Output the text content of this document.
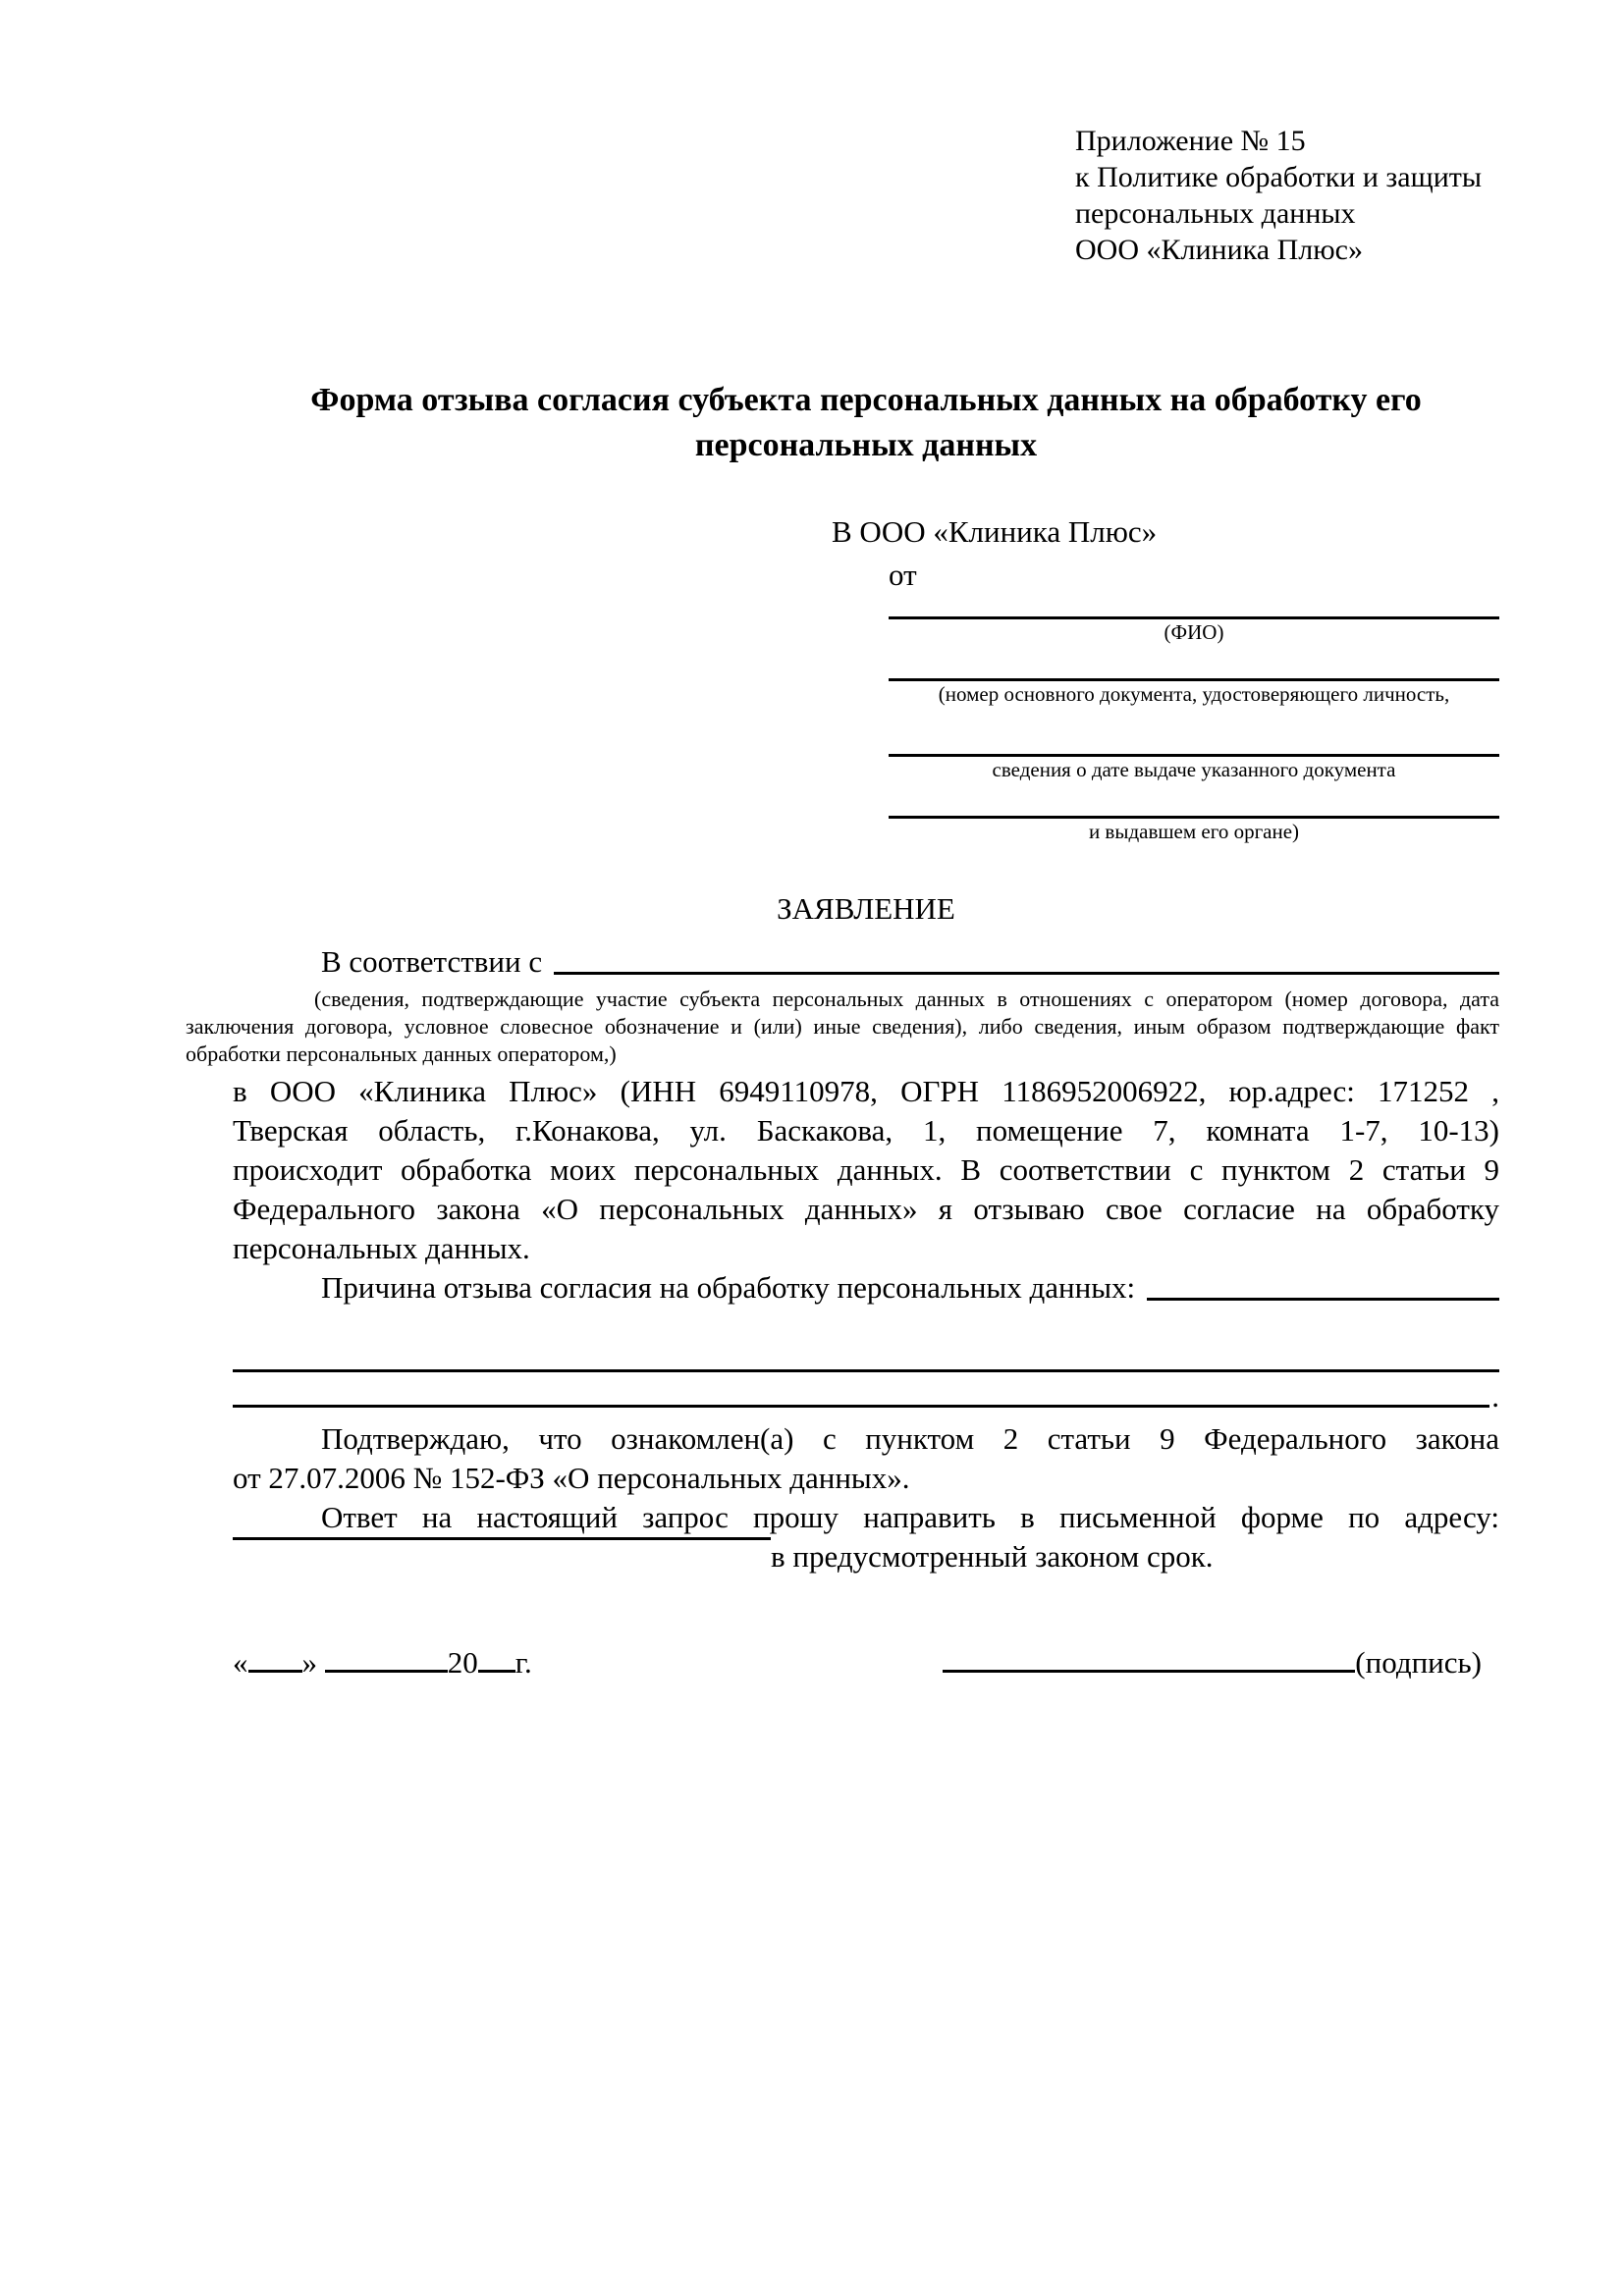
Приложение № 15
к Политике обработки и защиты
персональных данных
ООО «Клиника Плюс»
Форма отзыва согласия субъекта персональных данных на обработку его персональных данных
В ООО «Клиника Плюс»
от
(ФИО)
(номер основного документа, удостоверяющего личность,
сведения о дате выдаче указанного документа
и выдавшем его органе)
ЗАЯВЛЕНИЕ
В соответствии с
(сведения, подтверждающие участие субъекта персональных данных в отношениях с оператором (номер договора, дата заключения договора, условное словесное обозначение и (или) иные сведения), либо сведения, иным образом подтверждающие факт обработки персональных данных оператором,)
в ООО «Клиника Плюс» (ИНН 6949110978, ОГРН 1186952006922, юр.адрес: 171252 ,
Тверская область, г.Конакова, ул. Баскакова, 1, помещение 7, комната 1-7, 10-13)
происходит обработка моих персональных данных. В соответствии с пунктом 2 статьи 9
Федерального закона «О персональных данных» я отзываю свое согласие на обработку
персональных данных.
Причина отзыва согласия на обработку персональных данных:
.
Подтверждаю, что ознакомлен(а) с пунктом 2 статьи 9 Федерального закона
от 27.07.2006 № 152-ФЗ «О персональных данных».
Ответ на настоящий запрос прошу направить в письменной форме по адресу:
в предусмотренный законом срок.
« »	20 г.	(подпись)
